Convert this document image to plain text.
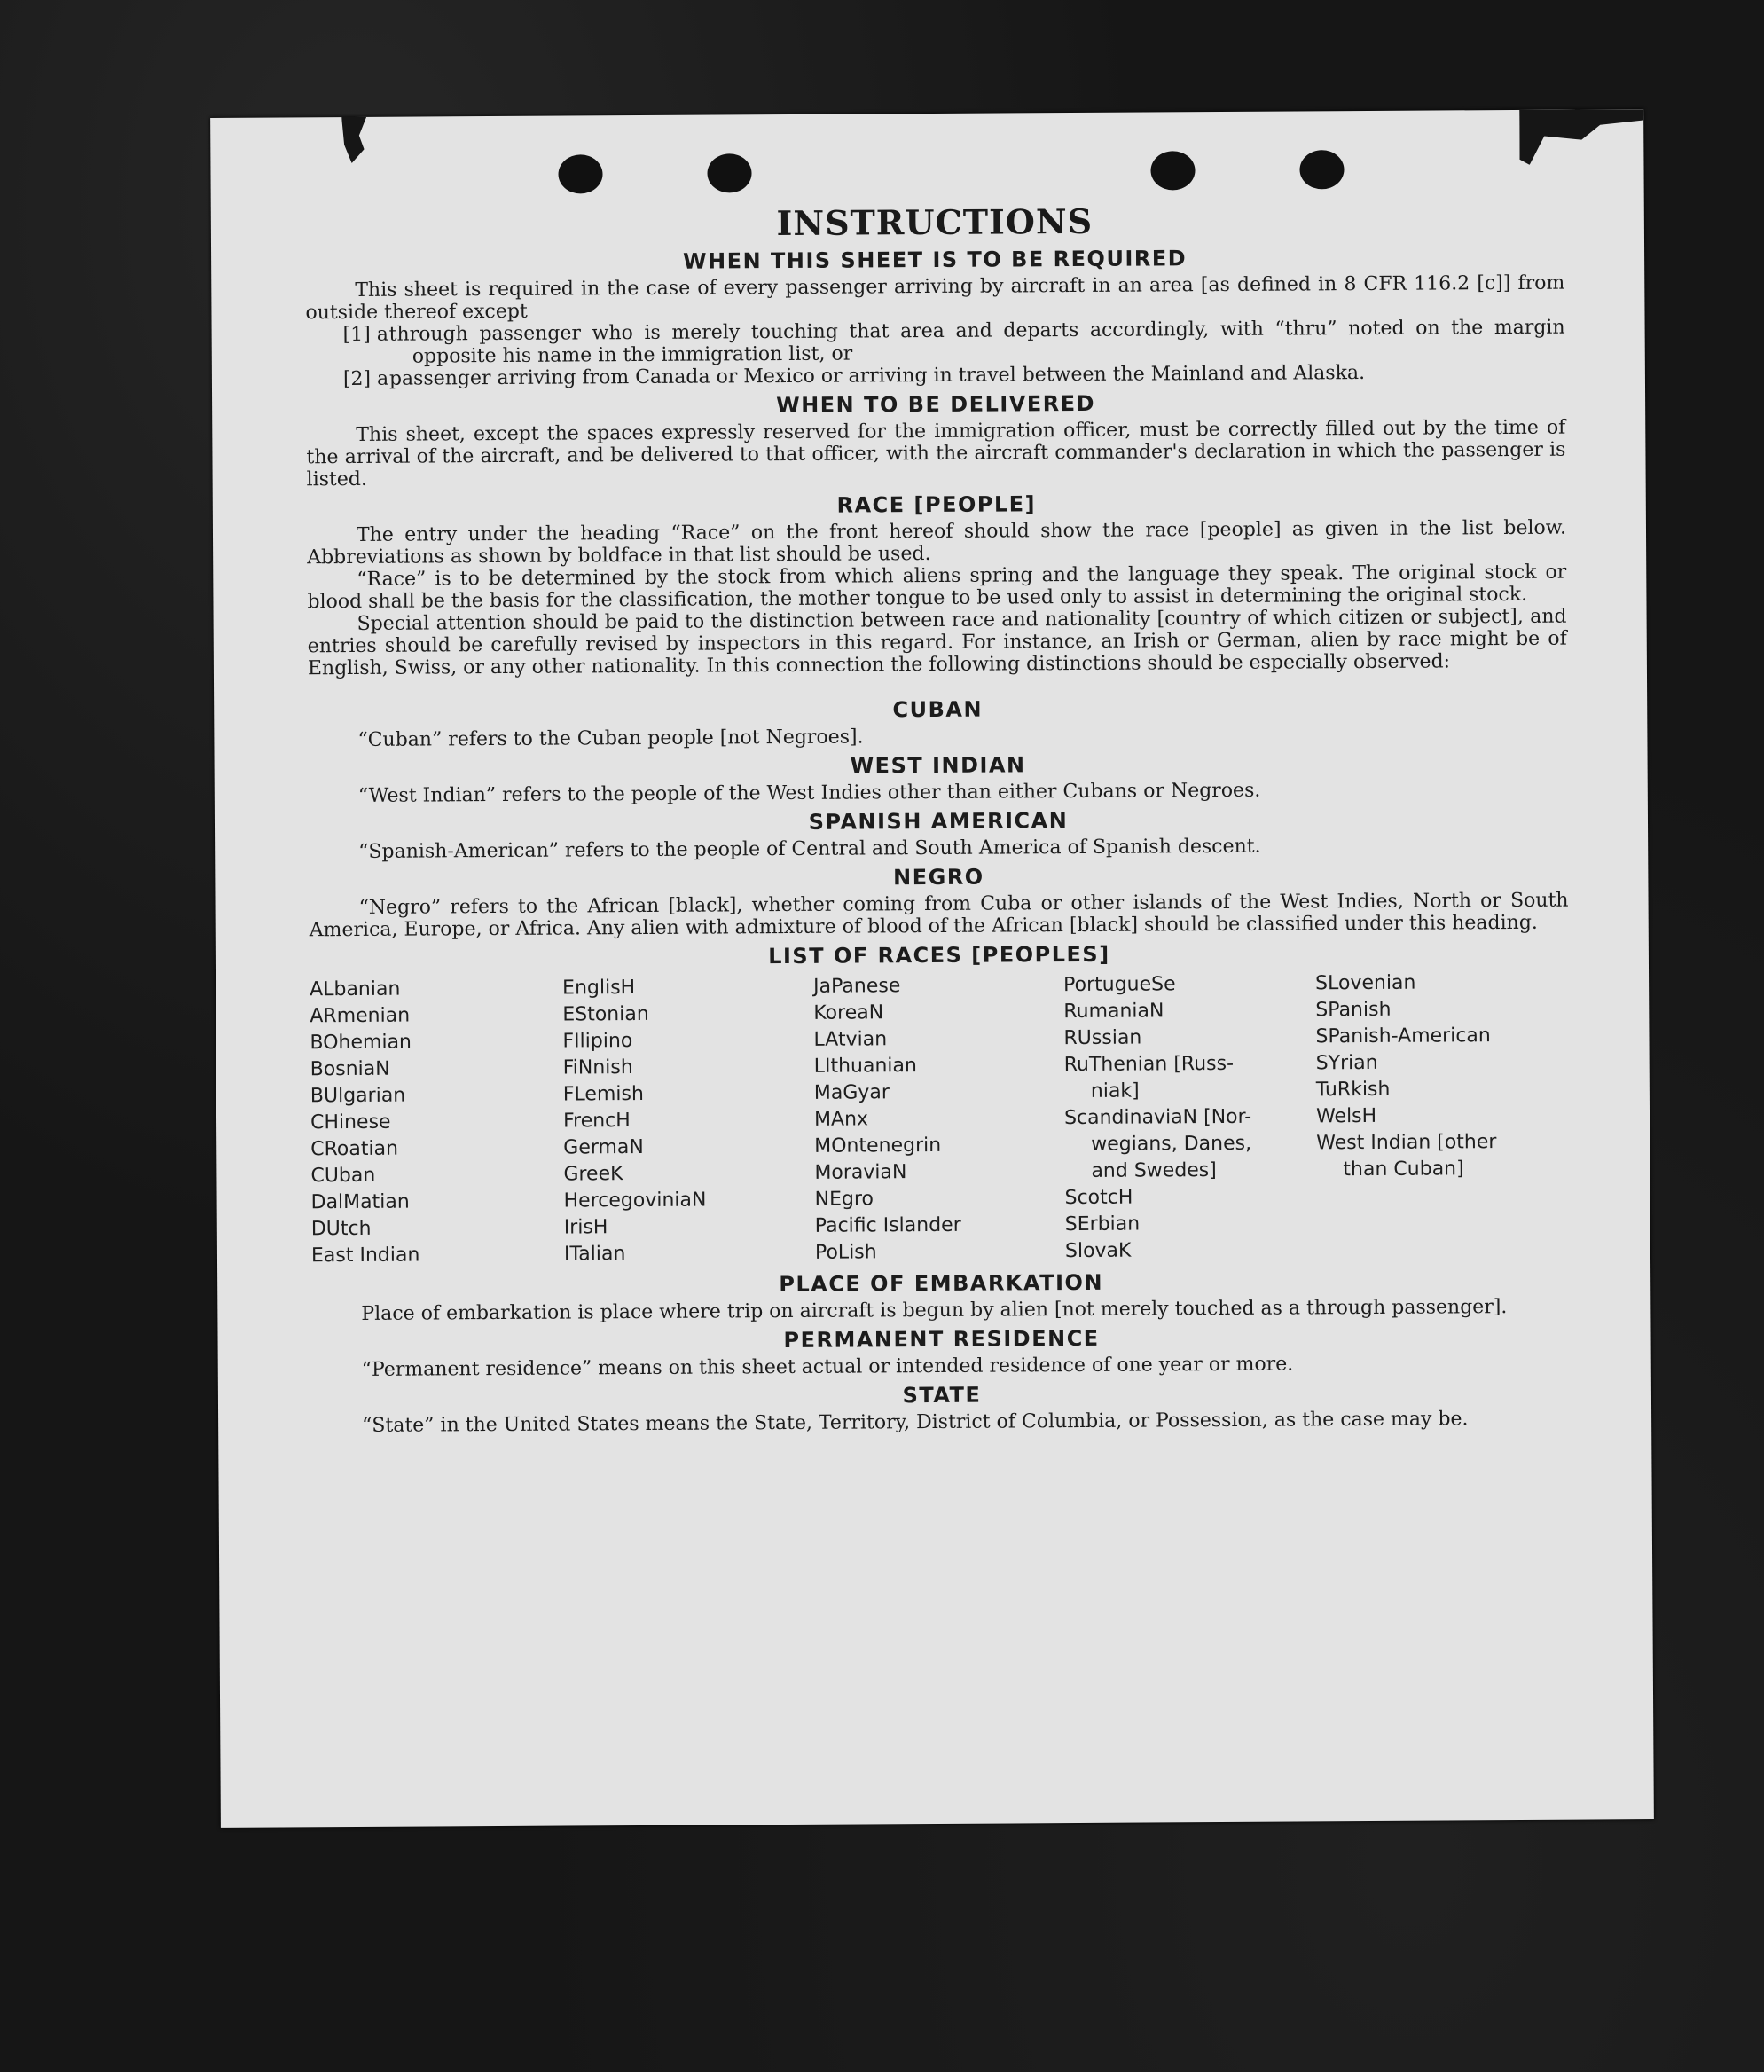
INSTRUCTIONS
WHEN THIS SHEET IS TO BE REQUIRED

This sheet is required in the case of every passenger arriving by aircraft in an area [as defined in 8 CFR 116.2 [c]] from outside thereof except

[1] athrough passenger who is merely touching that area and departs accordingly, with “thru” noted on the margin opposite his name in the immigration list, or
[2] apassenger arriving from Canada or Mexico or arriving in travel between the Mainland and Alaska.
WHEN TO BE DELIVERED

This sheet, except the spaces expressly reserved for the immigration officer, must be correctly filled out by the time of the arrival of the aircraft, and be delivered to that officer, with the aircraft commander's declaration in which the passenger is listed.

RACE [PEOPLE]

The entry under the heading “Race” on the front hereof should show the race [people] as given in the list below. Abbreviations as shown by boldface in that list should be used.

“Race” is to be determined by the stock from which aliens spring and the language they speak. The original stock or blood shall be the basis for the classification, the mother tongue to be used only to assist in determining the original stock.

Special attention should be paid to the distinction between race and nationality [country of which citizen or subject], and entries should be carefully revised by inspectors in this regard. For instance, an Irish or German, alien by race might be of English, Swiss, or any other nationality. In this connection the following distinctions should be especially observed:

CUBAN

“Cuban” refers to the Cuban people [not Negroes].

WEST INDIAN

“West Indian” refers to the people of the West Indies other than either Cubans or Negroes.

SPANISH AMERICAN

“Spanish-American” refers to the people of Central and South America of Spanish descent.

NEGRO

“Negro” refers to the African [black], whether coming from Cuba or other islands of the West Indies, North or South America, Europe, or Africa. Any alien with admixture of blood of the African [black] should be classified under this heading.

LIST OF RACES [PEOPLES]
ALbanian
ARmenian
BOhemian
BosniaN
BUlgarian
CHinese
CRoatian
CUban
DalMatian
DUtch
East Indian
EnglisH
EStonian
FIlipino
FiNnish
FLemish
FrencH
GermaN
GreeK
HercegoviniaN
IrisH
ITalian
JaPanese
KoreaN
LAtvian
LIthuanian
MaGyar
MAnx
MOntenegrin
MoraviaN
NEgro
Pacific Islander
PoLish
PortugueSe
RumaniaN
RUssian
RuThenian [Russ-
niak]
ScandinaviaN [Nor-
wegians, Danes,
and Swedes]
ScotcH
SErbian
SlovaK
SLovenian
SPanish
SPanish-American
SYrian
TuRkish
WelsH
West Indian [other
than Cuban]
PLACE OF EMBARKATION

Place of embarkation is place where trip on aircraft is begun by alien [not merely touched as a through passenger].

PERMANENT RESIDENCE

“Permanent residence” means on this sheet actual or intended residence of one year or more.

STATE

“State” in the United States means the State, Territory, District of Columbia, or Possession, as the case may be.
